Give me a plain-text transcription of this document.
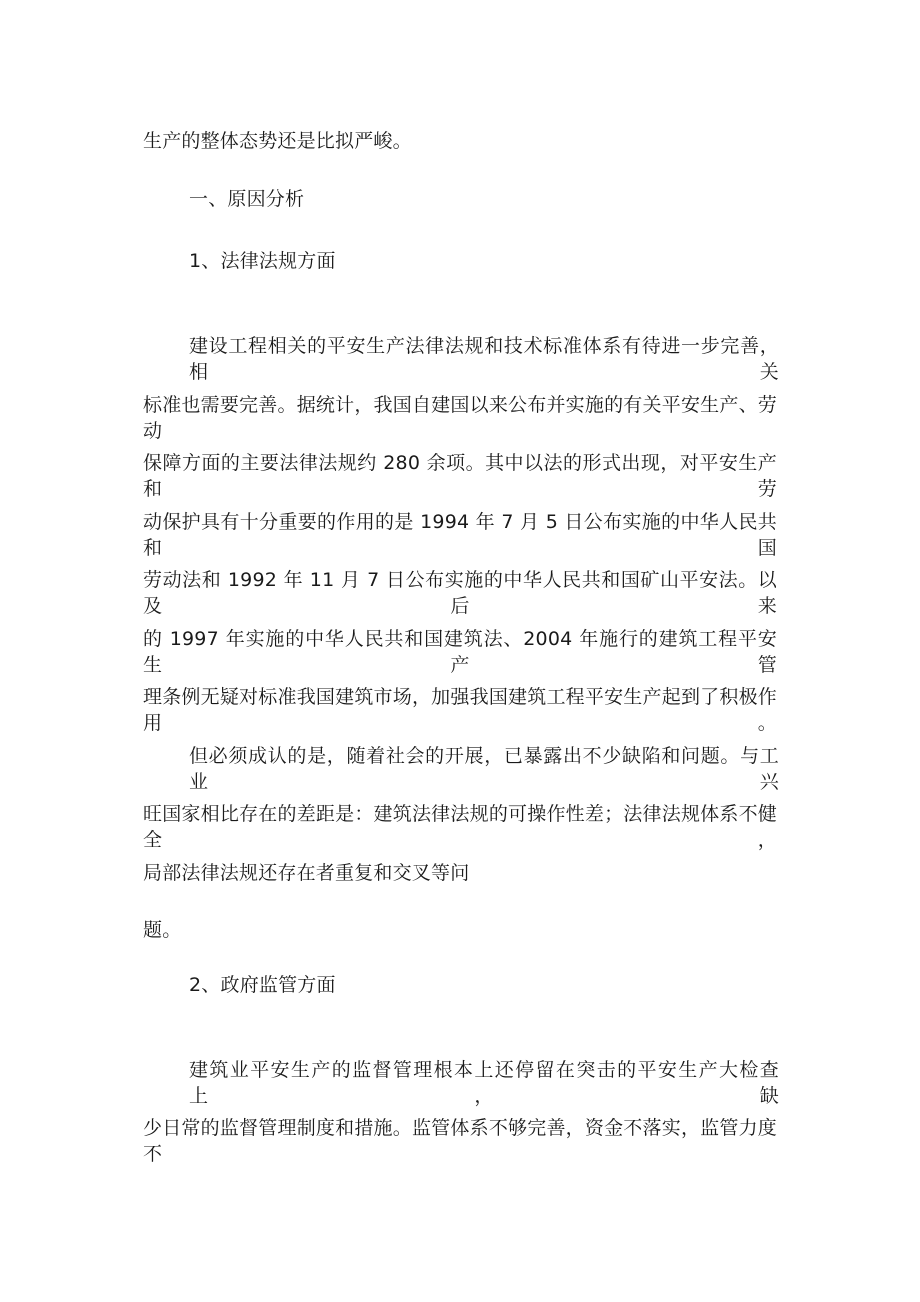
生产的整体态势还是比拟严峻。
一、原因分析
1、法律法规方面
建设工程相关的平安生产法律法规和技术标准体系有待进一步完善，相关
标准也需要完善。据统计，我国自建国以来公布并实施的有关平安生产、劳动
保障方面的主要法律法规约 280 余项。其中以法的形式出现，对平安生产和劳
动保护具有十分重要的作用的是 1994 年 7 月 5 日公布实施的中华人民共和国
劳动法和 1992 年 11 月 7 日公布实施的中华人民共和国矿山平安法。以及后来
的 1997 年实施的中华人民共和国建筑法、2004 年施行的建筑工程平安生产管
理条例无疑对标准我国建筑市场，加强我国建筑工程平安生产起到了积极作用。
但必须成认的是，随着社会的开展，已暴露出不少缺陷和问题。与工业兴
旺国家相比存在的差距是：建筑法律法规的可操作性差；法律法规体系不健全，
局部法律法规还存在者重复和交叉等问
题。
2、政府监管方面
建筑业平安生产的监督管理根本上还停留在突击的平安生产大检查上，缺
少日常的监督管理制度和措施。监管体系不够完善，资金不落实，监管力度不
